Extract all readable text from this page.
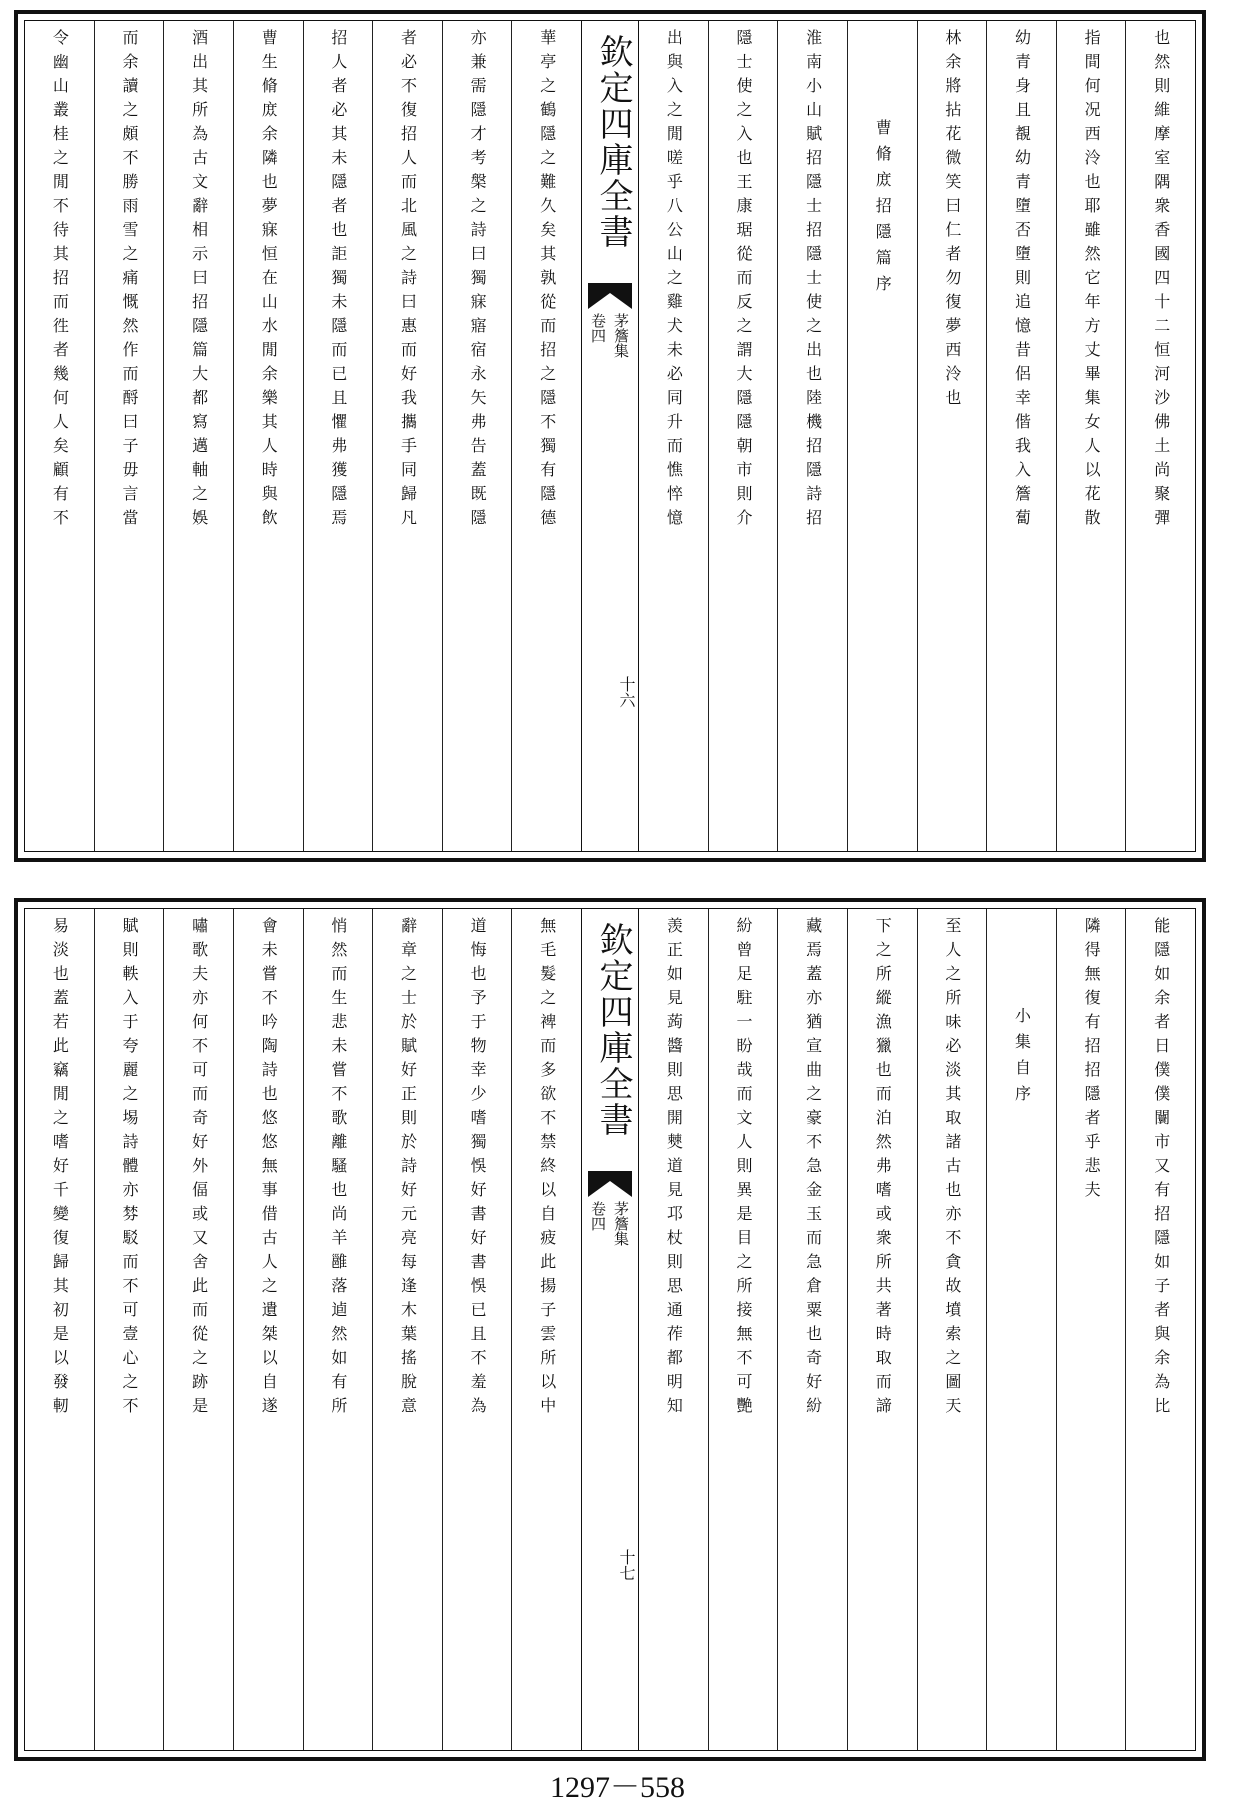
也然則維摩室隅衆香國四十二恒河沙佛土尚聚彈
指間何况西泠也耶雖然它年方丈畢集女人以花散
幼青身且覩幼青墮否墮則追憶昔侶幸偕我入簷蔔
林余將拈花微笑曰仁者勿復夢西泠也
曹脩庻招隱篇序
淮南小山賦招隱士招隱士使之出也陸機招隱詩招
隱士使之入也王康琚從而反之謂大隱隱朝市則介
出與入之閒嗟乎八公山之雞犬未必同升而憔悴憶
欽定四庫全書
茅簷集
卷四
十六
華亭之鶴隱之難久矣其孰從而招之隱不獨有隱德
亦兼需隱才考槃之詩曰獨寐寤宿永矢弗告蓋既隱
者必不復招人而北風之詩曰惠而好我攜手同歸凡
招人者必其未隱者也詎獨未隱而已且懼弗獲隱焉
曹生脩庻余隣也夢寐恒在山水閒余樂其人時與飲
酒出其所為古文辭相示曰招隱篇大都寫邁軸之娛
而余讀之頗不勝雨雪之痛慨然作而酹曰子毋言當
令幽山叢桂之閒不待其招而徃者幾何人矣顧有不
能隱如余者日僕僕闤市又有招隱如子者與余為比
隣得無復有招招隱者乎悲夫
小集自序
至人之所味必淡其取諸古也亦不貪故墳索之圖天
下之所縱漁獵也而泊然弗嗜或衆所共著時取而諦
藏焉蓋亦猶宣曲之豪不急金玉而急倉粟也奇好紛
紛曾足駐一盼哉而文人則異是目之所接無不可艷
羡正如見蒟醬則思開僰道見邛杖則思通莋都明知
欽定四庫全書
茅簷集
卷四
十七
無毛髮之裨而多欲不禁終以自疲此揚子雲所以中
道悔也予于物幸少嗜獨悞好書好書悞已且不羞為
辭章之士於賦好正則於詩好元亮每逢木葉搖脫意
悄然而生悲未嘗不歌離騷也尚羊雝落逌然如有所
會未嘗不吟陶詩也悠悠無事借古人之遺桀以自遂
嘯歌夫亦何不可而奇好外偪或又舍此而從之跡是
賦則軼入于夸麗之埸詩體亦棼駁而不可壹心之不
易淡也蓋若此竊閒之嗜好千變復歸其初是以發軔
1297－558
